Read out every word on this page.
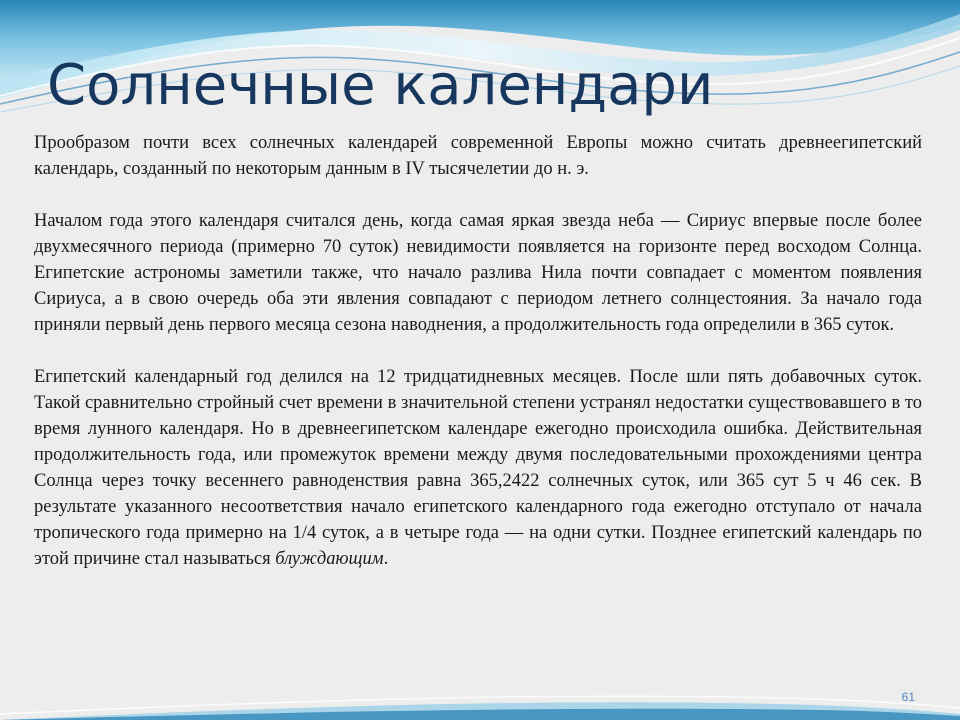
Солнечные календари

Прообразом почти всех солнечных календарей современной Европы можно считать древнеегипетский календарь, созданный по некоторым данным в IV тысячелетии до н. э.

Началом года этого календаря считался день, когда самая яркая звезда неба — Сириус впервые после более двухмесячного периода (примерно 70 суток) невидимости появляется на горизонте перед восходом Солнца. Египетские астрономы заметили также, что начало разлива Нила почти совпадает с моментом появления Сириуса, а в свою очередь оба эти явления совпадают с периодом летнего солнцестояния. За начало года приняли первый день первого месяца сезона наводнения, а продолжительность года определили в 365 суток.

Египетский календарный год делился на 12 тридцатидневных месяцев. После шли пять добавочных суток. Такой сравнительно стройный счет времени в значительной степени устранял недостатки существовавшего в то время лунного календаря. Но в древнеегипетском календаре ежегодно происходила ошибка. Действительная продолжительность года, или промежуток времени между двумя последовательными прохождениями центра Солнца через точку весеннего равноденствия равна 365,2422 солнечных суток, или 365 сут 5 ч 46 сек. В результате указанного несоответствия начало египетского календарного года ежегодно отступало от начала тропического года примерно на 1/4 суток, а в четыре года — на одни сутки. Позднее египетский календарь по этой причине стал называться блуждающим.

61
